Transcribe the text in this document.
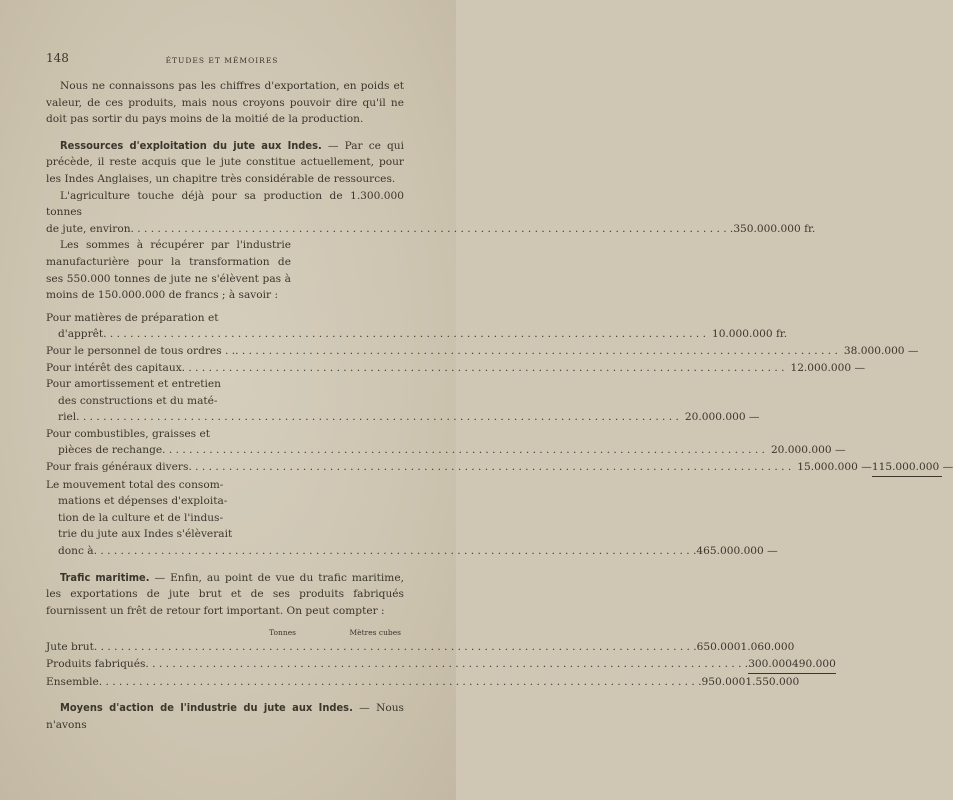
148	ÉTUDES ET MÉMOIRES

Nous ne connaissons pas les chiffres d'exportation, en poids et valeur, de ces produits, mais nous croyons pouvoir dire qu'il ne doit pas sortir du pays moins de la moitié de la production.

Ressources d'exploitation du jute aux Indes. — Par ce qui précède, il reste acquis que le jute constitue actuellement, pour les Indes Anglaises, un chapitre très considérable de ressources.

L'agriculture touche déjà pour sa production de 1.300.000 tonnes

de jute, environ . . .	350.000.000 fr.

Les sommes à récupérer par l'industrie manufacturière pour la transformation de ses 550.000 tonnes de jute ne s'élèvent pas à moins de 150.000.000 de francs ; à savoir :

Pour matières de préparation et
d'apprêt . . .	10.000.000 fr.
Pour le personnel de tous ordres . . . . .	38.000.000 —
Pour intérêt des capitaux . . .	12.000.000 —
Pour amortissement et entretien
des constructions et du maté-
riel . . .	20.000.000 —
Pour combustibles, graisses et
pièces de rechange . . .	20.000.000 —
Pour frais généraux divers . . .	15.000.000 — 115.000.000 —
Le mouvement total des consom-
mations et dépenses d'exploita-
tion de la culture et de l'indus-
trie du jute aux Indes s'élèverait
donc à . . .	465.000.000 —

Trafic maritime. — Enfin, au point de vue du trafic maritime, les exportations de jute brut et de ses produits fabriqués fournissent un frêt de retour fort important. On peut compter :

Tonnes	Mètres cubes
Jute brut . . .	650.000 1.060.000
Produits fabriqués . . .	300.000 490.000
Ensemble . . .	950.000 1.550.000

Moyens d'action de l'industrie du jute aux Indes. — Nous n'avons
